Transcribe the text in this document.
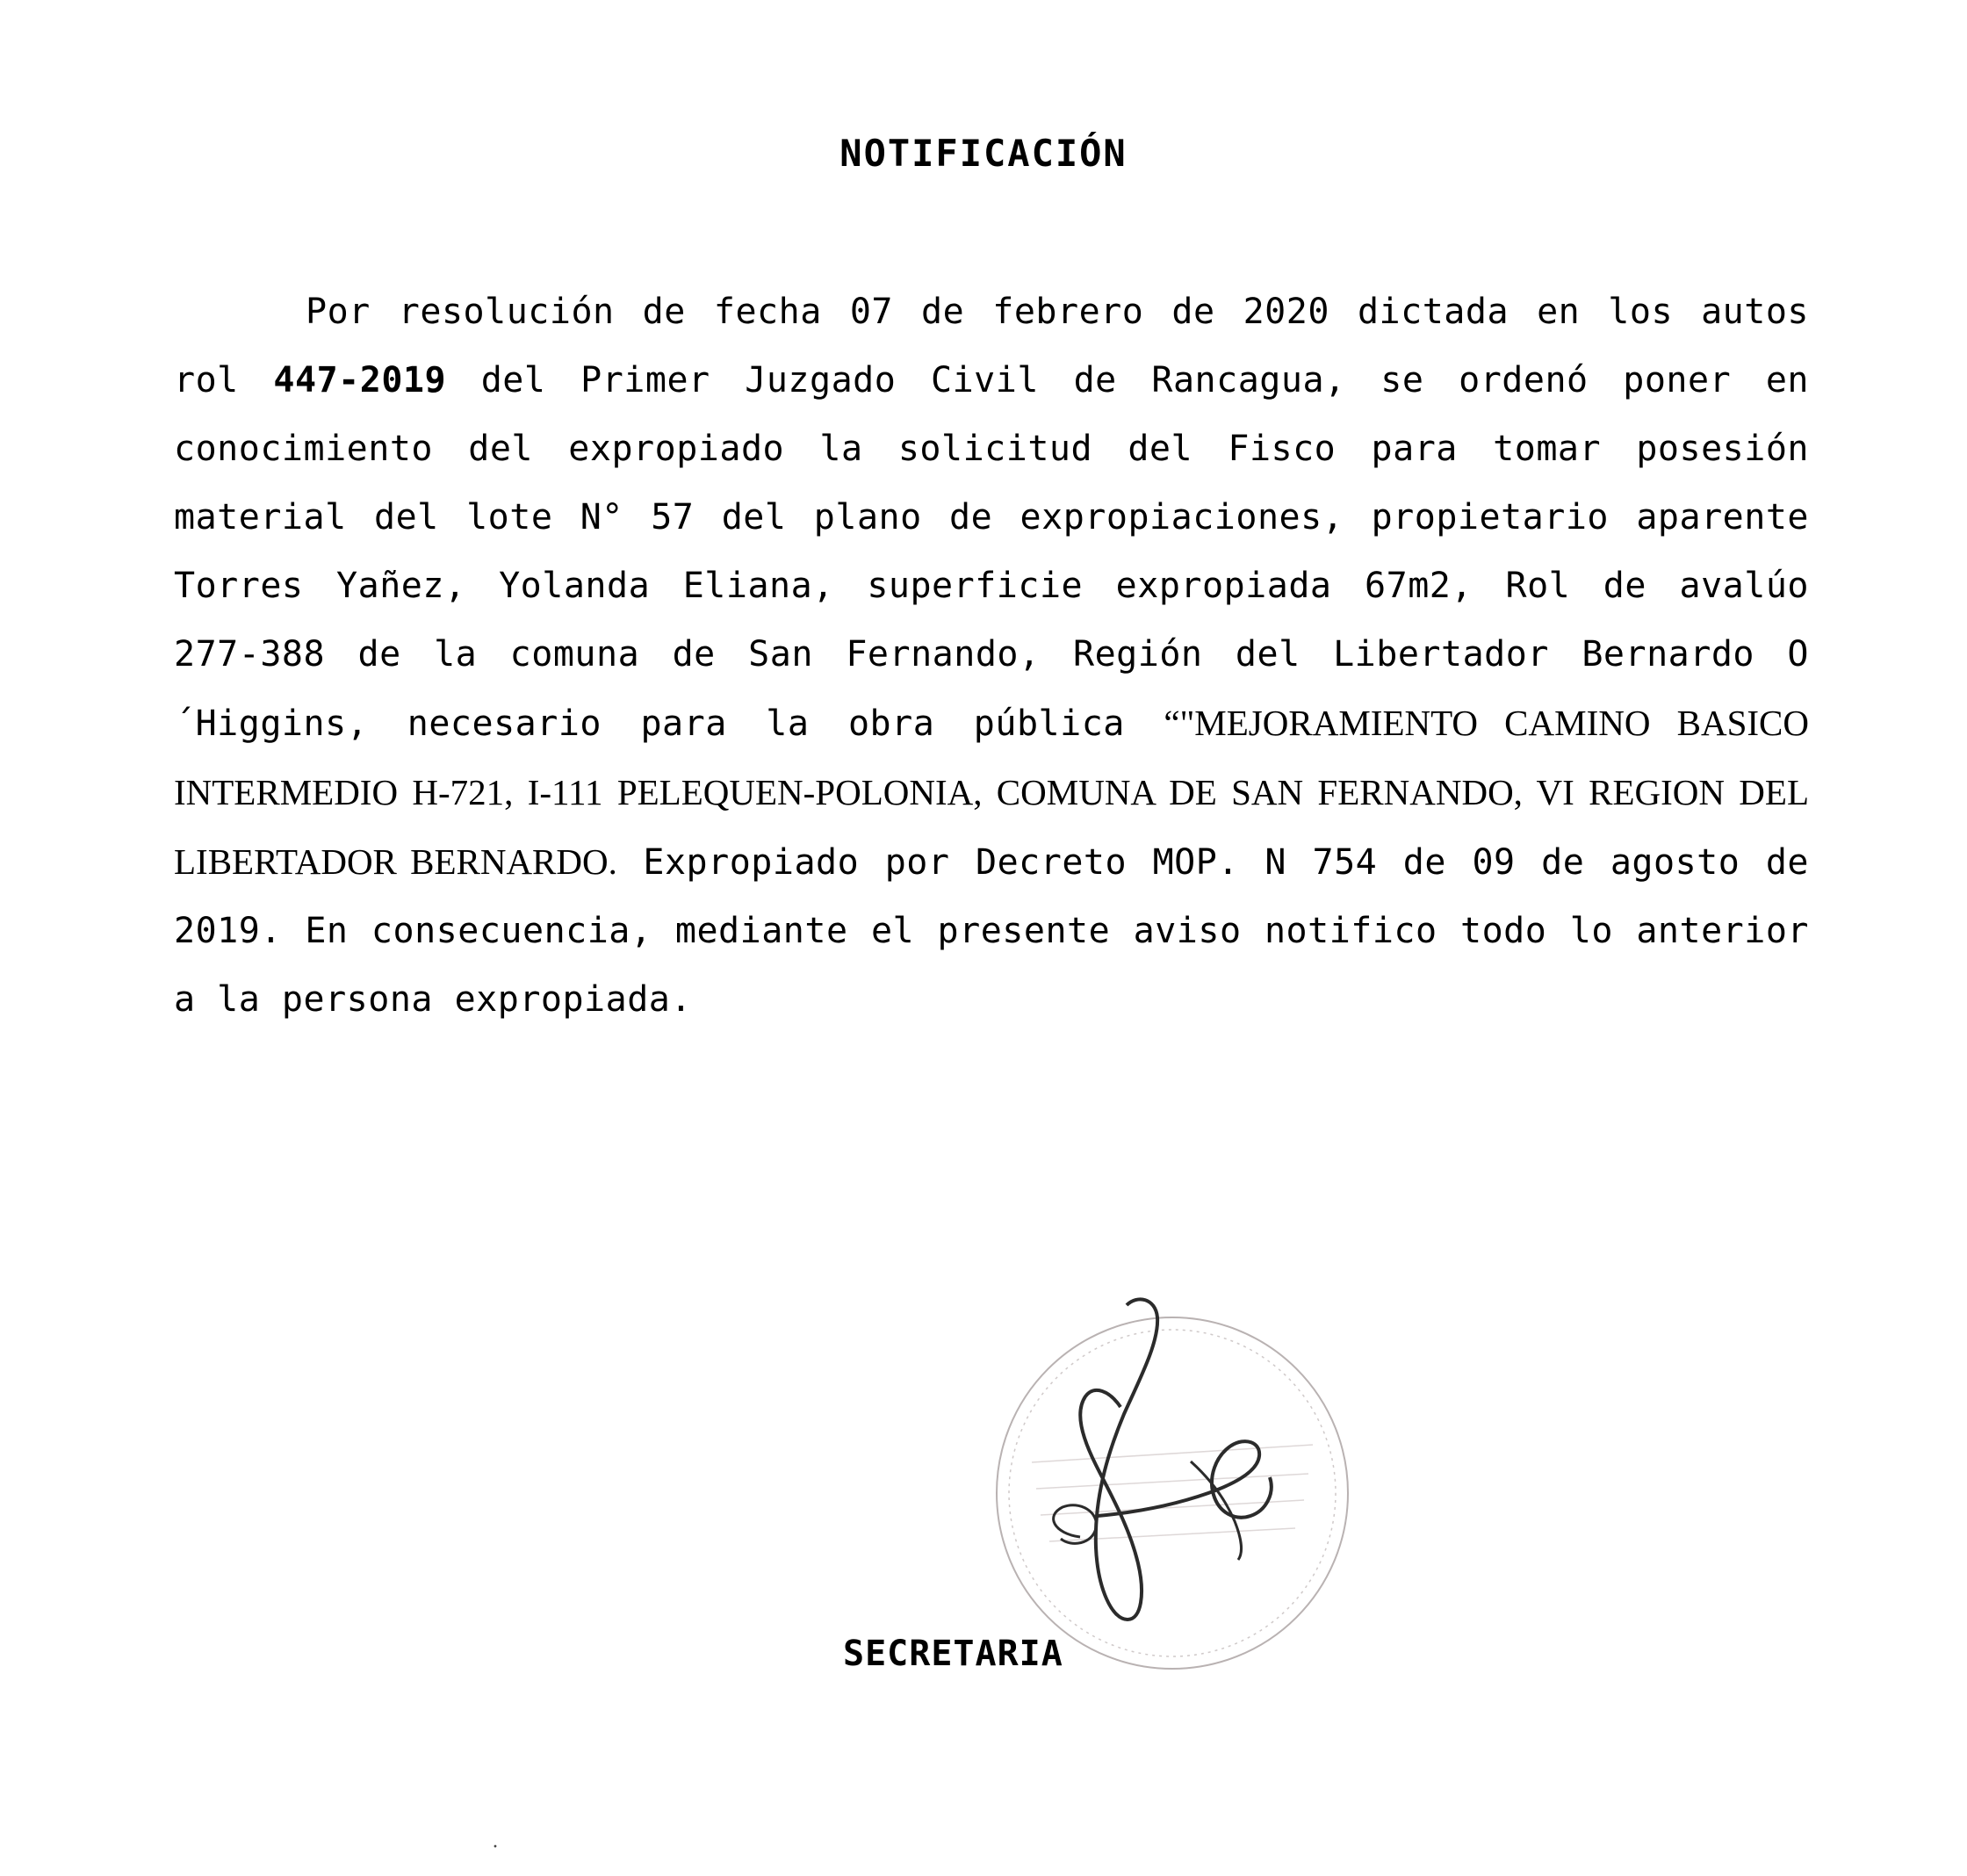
NOTIFICACIÓN

Por resolución de fecha 07 de febrero de 2020 dictada en los autos rol 447-2019 del Primer Juzgado Civil de Rancagua, se ordenó poner en conocimiento del expropiado la solicitud del Fisco para tomar posesión material del lote N° 57 del plano de expropiaciones, propietario aparente Torres Yañez, Yolanda Eliana, superficie expropiada 67m2, Rol de avalúo 277-388 de la comuna de San Fernando, Región del Libertador Bernardo O´Higgins, necesario para la obra pública “"MEJORAMIENTO CAMINO BASICO INTERMEDIO H-721, I-111 PELEQUEN-POLONIA, COMUNA DE SAN FERNANDO, VI REGION DEL LIBERTADOR BERNARDO. Expropiado por Decreto MOP. N 754 de 09 de agosto de 2019. En consecuencia, mediante el presente aviso notifico todo lo anterior a la persona expropiada.

SECRETARIA
·
